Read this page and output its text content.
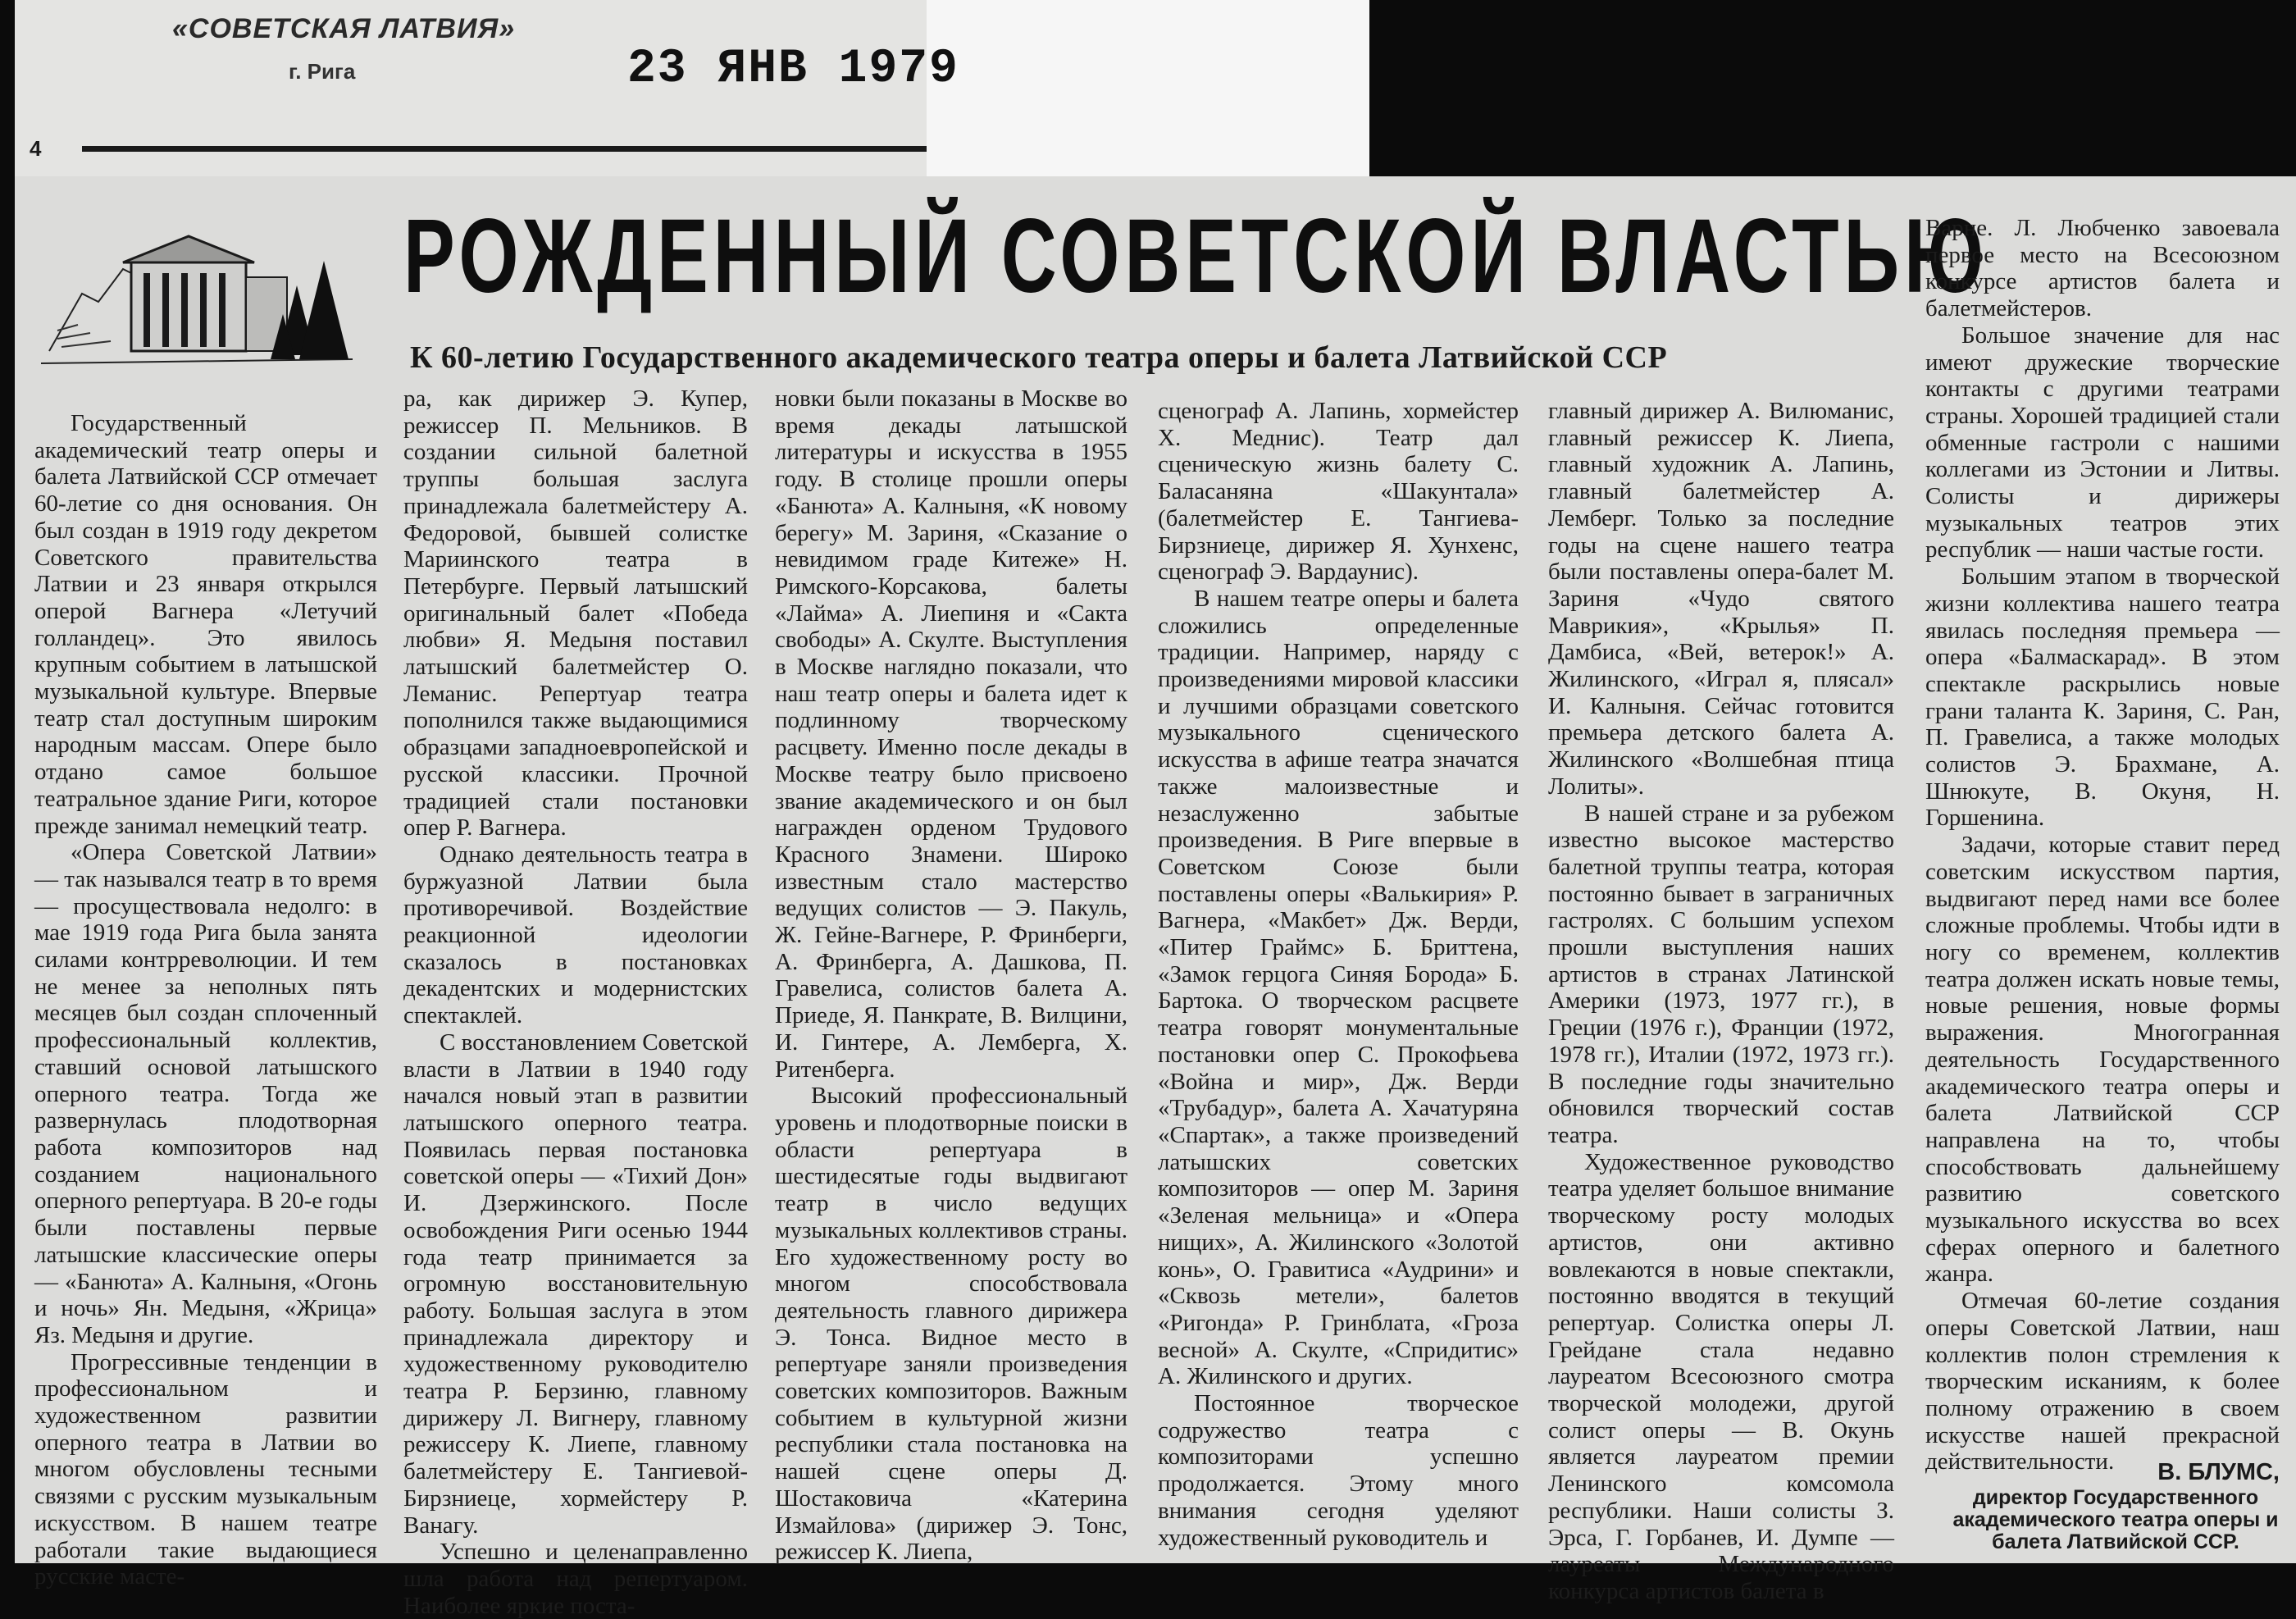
«СОВЕТСКАЯ ЛАТВИЯ»
г. Рига	23 ЯНВ 1979
4
РОЖДЕННЫЙ СОВЕТСКОЙ ВЛАСТЬЮ
К 60-летию Государственного академического театра оперы и балета Латвийской ССР

Государственный академический театр оперы и балета Латвийской ССР отмечает 60-летие со дня основания. Он был создан в 1919 году декретом Советского правительства Латвии и 23 января открылся оперой Вагнера «Летучий голландец». Это явилось крупным событием в латышской музыкальной культуре. Впервые театр стал доступным широким народным массам. Опере было отдано самое большое театральное здание Риги, которое прежде занимал немецкий театр.

«Опера Советской Латвии» — так назывался театр в то время — просуществовала недолго: в мае 1919 года Рига была занята силами контрреволюции. И тем не менее за неполных пять месяцев был создан сплоченный профессиональный коллектив, ставший основой латышского оперного театра. Тогда же развернулась плодотворная работа композиторов над созданием национального оперного репертуара. В 20-е годы были поставлены первые латышские классические оперы — «Банюта» А. Калныня, «Огонь и ночь» Ян. Медыня, «Жрица» Яз. Медыня и другие.

Прогрессивные тенденции в профессиональном и художественном развитии оперного театра в Латвии во многом обусловлены тесными связями с русским музыкальным искусством. В нашем театре работали такие выдающиеся русские масте-

ра, как дирижер Э. Купер, режиссер П. Мельников. В создании сильной балетной труппы большая заслуга принадлежала балетмейстеру А. Федоровой, бывшей солистке Мариинского театра в Петербурге. Первый латышский оригинальный балет «Победа любви» Я. Медыня поставил латышский балетмейстер О. Леманис. Репертуар театра пополнился также выдающимися образцами западноевропейской и русской классики. Прочной традицией стали постановки опер Р. Вагнера.

Однако деятельность театра в буржуазной Латвии была противоречивой. Воздействие реакционной идеологии сказалось в постановках декадентских и модернистских спектаклей.

С восстановлением Советской власти в Латвии в 1940 году начался новый этап в развитии латышского оперного театра. Появилась первая постановка советской оперы — «Тихий Дон» И. Дзержинского. После освобождения Риги осенью 1944 года театр принимается за огромную восстановительную работу. Большая заслуга в этом принадлежала директору и художественному руководителю театра Р. Берзиню, главному дирижеру Л. Вигнеру, главному режиссеру К. Лиепе, главному балетмейстеру Е. Тангиевой-Бирзниеце, хормейстеру Р. Ванагу.

Успешно и целенаправленно шла работа над репертуаром. Наиболее яркие поста-

новки были показаны в Москве во время декады латышской литературы и искусства в 1955 году. В столице прошли оперы «Банюта» А. Калныня, «К новому берегу» М. Зариня, «Сказание о невидимом граде Китеже» Н. Римского-Корсакова, балеты «Лайма» А. Лиепиня и «Сакта свободы» А. Скулте. Выступления в Москве наглядно показали, что наш театр оперы и балета идет к подлинному творческому расцвету. Именно после декады в Москве театру было присвоено звание академического и он был награжден орденом Трудового Красного Знамени. Широко известным стало мастерство ведущих солистов — Э. Пакуль, Ж. Гейне-Вагнере, Р. Фринберги, А. Фринберга, А. Дашкова, П. Гравелиса, солистов балета А. Приеде, Я. Панкрате, В. Вилцини, И. Гинтере, А. Лемберга, Х. Ритенберга.

Высокий профессиональный уровень и плодотворные поиски в области репертуара в шестидесятые годы выдвигают театр в число ведущих музыкальных коллективов страны. Его художественному росту во многом способствовала деятельность главного дирижера Э. Тонса. Видное место в репертуаре заняли произведения советских композиторов. Важным событием в культурной жизни республики стала постановка на нашей сцене оперы Д. Шостаковича «Катерина Измайлова» (дирижер Э. Тонс, режиссер К. Лиепа,

сценограф А. Лапинь, хормейстер Х. Меднис). Театр дал сценическую жизнь балету С. Баласаняна «Шакунтала» (балетмейстер Е. Тангиева-Бирзниеце, дирижер Я. Хунхенс, сценограф Э. Вардаунис).

В нашем театре оперы и балета сложились определенные традиции. Например, наряду с произведениями мировой классики и лучшими образцами советского музыкального сценического искусства в афише театра значатся также малоизвестные и незаслуженно забытые произведения. В Риге впервые в Советском Союзе были поставлены оперы «Валькирия» Р. Вагнера, «Макбет» Дж. Верди, «Питер Граймс» Б. Бриттена, «Замок герцога Синяя Борода» Б. Бартока. О творческом расцвете театра говорят монументальные постановки опер С. Прокофьева «Война и мир», Дж. Верди «Трубадур», балета А. Хачатуряна «Спартак», а также произведений латышских советских композиторов — опер М. Зариня «Зеленая мельница» и «Опера нищих», А. Жилинского «Золотой конь», О. Гравитиса «Аудрини» и «Сквозь метели», балетов «Ригонда» Р. Гринблата, «Гроза весной» А. Скулте, «Спридитис» А. Жилинского и других.

Постоянное творческое содружество театра с композиторами успешно продолжается. Этому много внимания сегодня уделяют художественный руководитель и

главный дирижер А. Вилюманис, главный режиссер К. Лиепа, главный художник А. Лапинь, главный балетмейстер А. Лемберг. Только за последние годы на сцене нашего театра были поставлены опера-балет М. Зариня «Чудо святого Маврикия», «Крылья» П. Дамбиса, «Вей, ветерок!» А. Жилинского, «Играл я, плясал» И. Калныня. Сейчас готовится премьера детского балета А. Жилинского «Волшебная птица Лолиты».

В нашей стране и за рубежом известно высокое мастерство балетной труппы театра, которая постоянно бывает в заграничных гастролях. С большим успехом прошли выступления наших артистов в странах Латинской Америки (1973, 1977 гг.), в Греции (1976 г.), Франции (1972, 1978 гг.), Италии (1972, 1973 гг.). В последние годы значительно обновился творческий состав театра.

Художественное руководство театра уделяет большое внимание творческому росту молодых артистов, они активно вовлекаются в новые спектакли, постоянно вводятся в текущий репертуар. Солистка оперы Л. Грейдане стала недавно лауреатом Всесоюзного смотра творческой молодежи, другой солист оперы — В. Окунь является лауреатом премии Ленинского комсомола республики. Наши солисты З. Эрса, Г. Горбанев, И. Думпе — лауреаты Международного конкурса артистов балета в

Варне. Л. Любченко завоевала первое место на Всесоюзном конкурсе артистов балета и балетмейстеров.

Большое значение для нас имеют дружеские творческие контакты с другими театрами страны. Хорошей традицией стали обменные гастроли с нашими коллегами из Эстонии и Литвы. Солисты и дирижеры музыкальных театров этих республик — наши частые гости.

Большим этапом в творческой жизни коллектива нашего театра явилась последняя премьера — опера «Балмаскарад». В этом спектакле раскрылись новые грани таланта К. Зариня, С. Ран, П. Гравелиса, а также молодых солистов Э. Брахмане, А. Шнюкуте, В. Окуня, Н. Горшенина.

Задачи, которые ставит перед советским искусством партия, выдвигают перед нами все более сложные проблемы. Чтобы идти в ногу со временем, коллектив театра должен искать новые темы, новые решения, новые формы выражения. Многогранная деятельность Государственного академического театра оперы и балета Латвийской ССР направлена на то, чтобы способствовать дальнейшему развитию советского музыкального искусства во всех сферах оперного и балетного жанра.

Отмечая 60-летие создания оперы Советской Латвии, наш коллектив полон стремления к творческим исканиям, к более полному отражению в своем искусстве нашей прекрасной действительности.	В. БЛУМС,
директор Государственного академического театра оперы и балета Латвийской ССР.
